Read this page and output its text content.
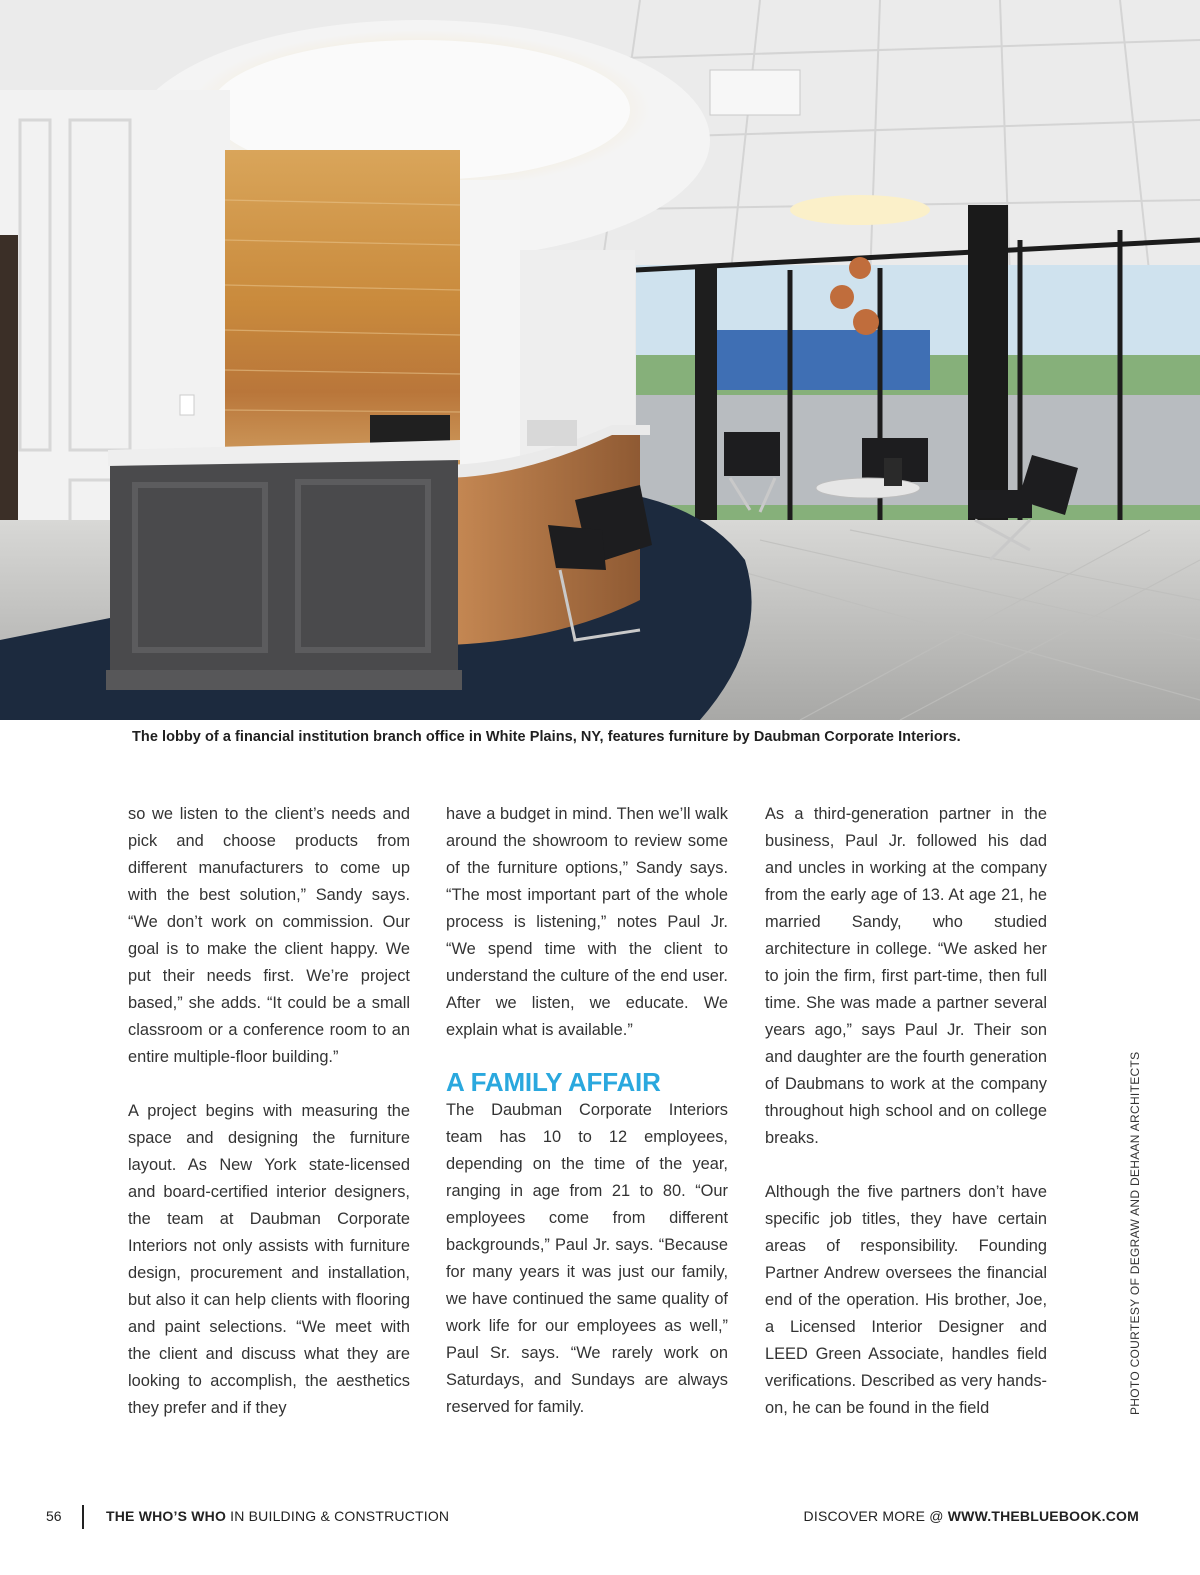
The lobby of a financial institution branch office in White Plains, NY, features furniture by Daubman Corporate Interiors.

so we listen to the client’s needs and pick and choose products from different manufacturers to come up with the best solution,” Sandy says. “We don’t work on commission. Our goal is to make the client happy. We put their needs first. We’re project based,” she adds. “It could be a small classroom or a conference room to an entire multiple-floor building.”

A project begins with measuring the space and designing the furniture layout. As New York state-licensed and board-certified interior designers, the team at Daubman Corporate Interiors not only assists with furniture design, procurement and installation, but also it can help clients with flooring and paint selections. “We meet with the client and discuss what they are looking to accomplish, the aesthetics they prefer and if they

have a budget in mind. Then we’ll walk around the showroom to review some of the furniture options,” Sandy says. “The most important part of the whole process is listening,” notes Paul Jr. “We spend time with the client to understand the culture of the end user. After we listen, we educate. We explain what is available.”

A FAMILY AFFAIR

The Daubman Corporate Interiors team has 10 to 12 employees, depending on the time of the year, ranging in age from 21 to 80. “Our employees come from different backgrounds,” Paul Jr. says. “Because for many years it was just our family, we have continued the same quality of work life for our employees as well,” Paul Sr. says. “We rarely work on Saturdays, and Sundays are always reserved for family.

As a third-generation partner in the business, Paul Jr. followed his dad and uncles in working at the company from the early age of 13. At age 21, he married Sandy, who studied architecture in college. “We asked her to join the firm, first part-time, then full time. She was made a partner several years ago,” says Paul Jr. Their son and daughter are the fourth generation of Daubmans to work at the company throughout high school and on college breaks.

Although the five partners don’t have specific job titles, they have certain areas of responsibility. Founding Partner Andrew oversees the financial end of the operation. His brother, Joe, a Licensed Interior Designer and LEED Green Associate, handles field verifications. Described as very hands-on, he can be found in the field	PHOTO COURTESY OF DEGRAW AND DEHAAN ARCHITECTS
56	THE WHO’S WHO IN BUILDING & CONSTRUCTION	DISCOVER MORE @ WWW.THEBLUEBOOK.COM
